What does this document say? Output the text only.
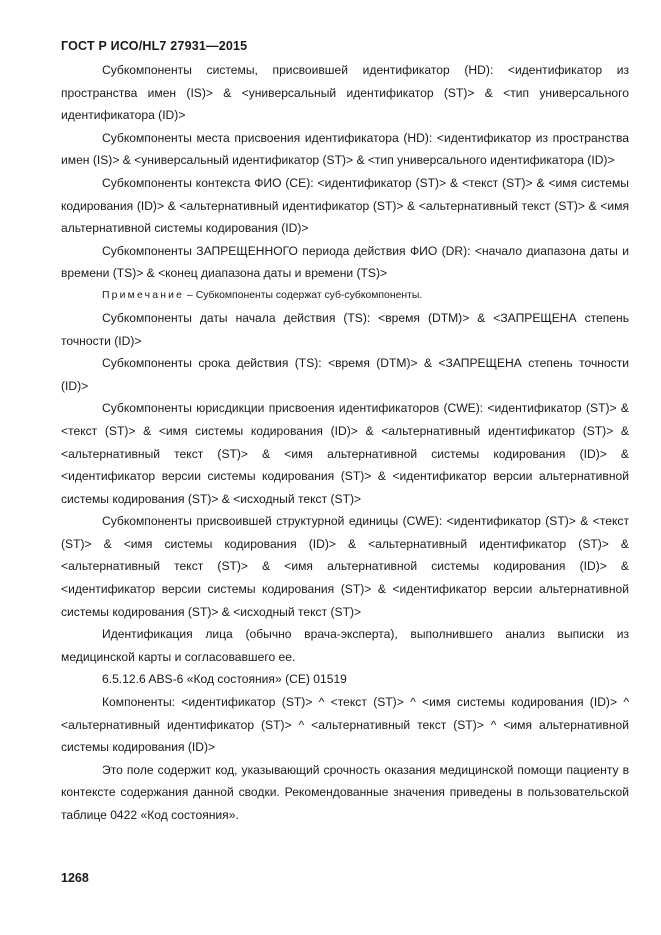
ГОСТ Р ИСО/HL7 27931—2015

Субкомпоненты системы, присвоившей идентификатор (HD): <идентификатор из пространства имен (IS)> & <универсальный идентификатор (ST)> & <тип универсального идентификатора (ID)>

Субкомпоненты места присвоения идентификатора (HD): <идентификатор из пространства имен (IS)> & <универсальный идентификатор (ST)> & <тип универсального идентификатора (ID)>

Субкомпоненты контекста ФИО (CE): <идентификатор (ST)> & <текст (ST)> & <имя системы кодирования (ID)> & <альтернативный идентификатор (ST)> & <альтернативный текст (ST)> & <имя альтернативной системы кодирования (ID)>

Субкомпоненты ЗАПРЕЩЕННОГО периода действия ФИО (DR): <начало диапазона даты и времени (TS)> & <конец диапазона даты и времени (TS)>

Примечание – Субкомпоненты содержат суб-субкомпоненты.

Субкомпоненты даты начала действия (TS): <время (DTM)> & <ЗАПРЕЩЕНА степень точности (ID)>

Субкомпоненты срока действия (TS): <время (DTM)> & <ЗАПРЕЩЕНА степень точности (ID)>

Субкомпоненты юрисдикции присвоения идентификаторов (CWE): <идентификатор (ST)> & <текст (ST)> & <имя системы кодирования (ID)> & <альтернативный идентификатор (ST)> & <альтернативный текст (ST)> & <имя альтернативной системы кодирования (ID)> & <идентификатор версии системы кодирования (ST)> & <идентификатор версии альтернативной системы кодирования (ST)> & <исходный текст (ST)>

Субкомпоненты присвоившей структурной единицы (CWE): <идентификатор (ST)> & <текст (ST)> & <имя системы кодирования (ID)> & <альтернативный идентификатор (ST)> & <альтернативный текст (ST)> & <имя альтернативной системы кодирования (ID)> & <идентификатор версии системы кодирования (ST)> & <идентификатор версии альтернативной системы кодирования (ST)> & <исходный текст (ST)>

Идентификация лица (обычно врача-эксперта), выполнившего анализ выписки из медицинской карты и согласовавшего ее.

6.5.12.6 ABS-6 «Код состояния» (CE) 01519

Компоненты: <идентификатор (ST)> ^ <текст (ST)> ^ <имя системы кодирования (ID)> ^ <альтернативный идентификатор (ST)> ^ <альтернативный текст (ST)> ^ <имя альтернативной системы кодирования (ID)>

Это поле содержит код, указывающий срочность оказания медицинской помощи пациенту в контексте содержания данной сводки. Рекомендованные значения приведены в пользовательской таблице 0422 «Код состояния».

1268
